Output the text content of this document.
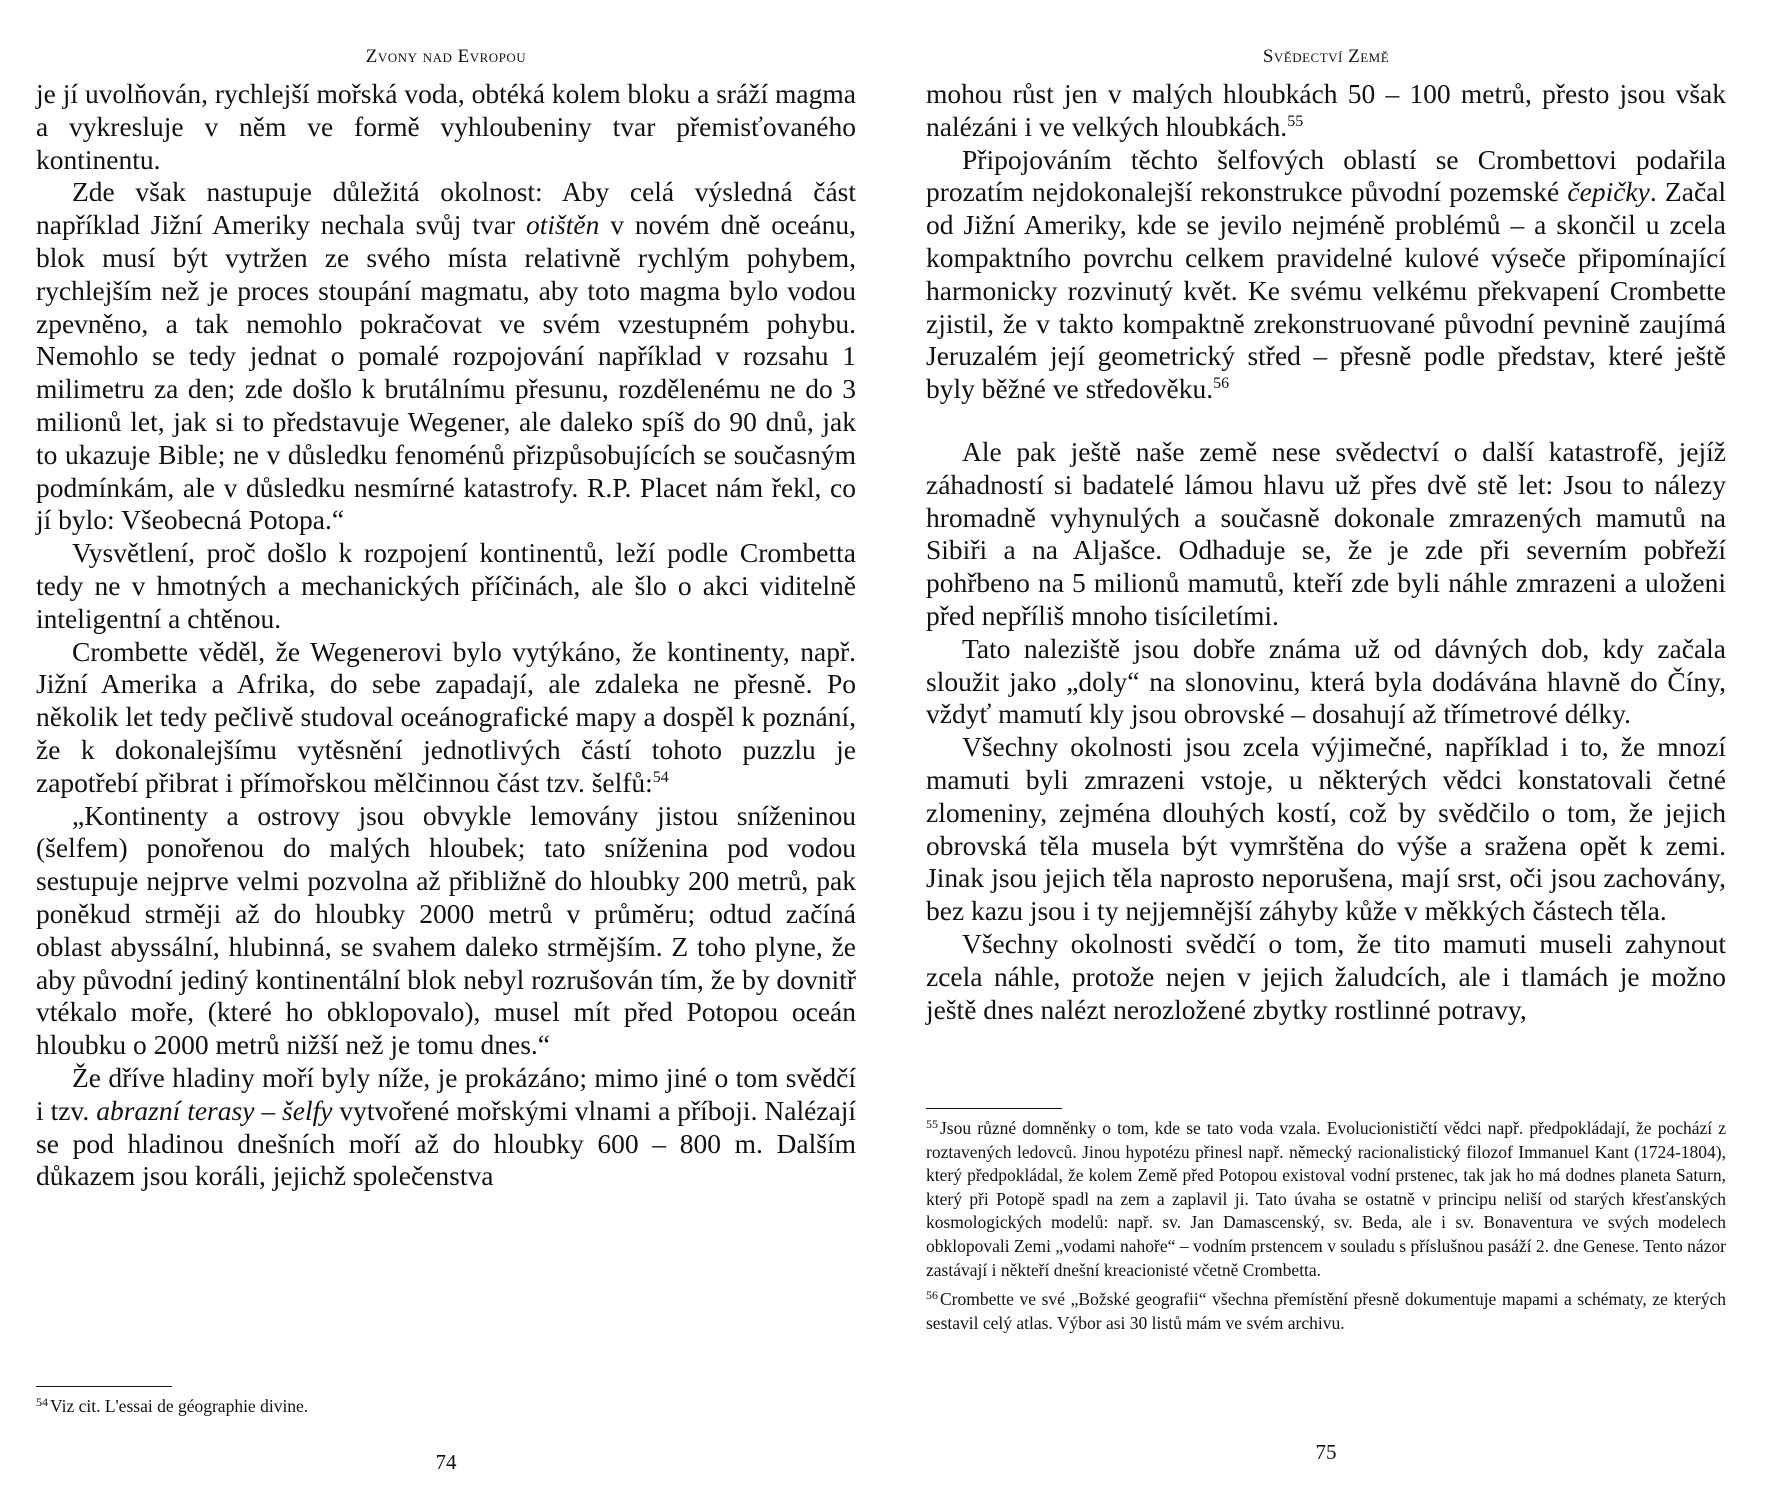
Zvony nad Evropou

je jí uvolňován, rychlejší mořská voda, obtéká kolem bloku a sráží magma a vykresluje v něm ve formě vyhloubeniny tvar přemisťovaného kontinentu.

Zde však nastupuje důležitá okolnost: Aby celá výsledná část například Jižní Ameriky nechala svůj tvar otištěn v novém dně oceánu, blok musí být vytržen ze svého místa relativně rychlým pohybem, rychlejším než je proces stoupání magmatu, aby toto magma bylo vodou zpevněno, a tak nemohlo pokračovat ve svém vzestupném pohybu. Nemohlo se tedy jednat o pomalé rozpojování například v rozsahu 1 milimetru za den; zde došlo k brutálnímu přesunu, rozdělenému ne do 3 milionů let, jak si to představuje Wegener, ale daleko spíš do 90 dnů, jak to ukazuje Bible; ne v důsledku fenoménů přizpůsobujících se současným podmínkám, ale v důsledku nesmírné katastrofy. R.P. Placet nám řekl, co jí bylo: Všeobecná Potopa.“

Vysvětlení, proč došlo k rozpojení kontinentů, leží podle Crombetta tedy ne v hmotných a mechanických příčinách, ale šlo o akci viditelně inteligentní a chtěnou.

Crombette věděl, že Wegenerovi bylo vytýkáno, že kontinenty, např. Jižní Amerika a Afrika, do sebe zapadají, ale zdaleka ne přesně. Po několik let tedy pečlivě studoval oceánografické mapy a dospěl k poznání, že k dokonalejšímu vytěsnění jednotlivých částí tohoto puzzlu je zapotřebí přibrat i přímořskou mělčinnou část tzv. šelfů:$^{54}$

„Kontinenty a ostrovy jsou obvykle lemovány jistou sníženinou (šelfem) ponořenou do malých hloubek; tato sníženina pod vodou sestupuje nejprve velmi pozvolna až přibližně do hloubky 200 metrů, pak poněkud strměji až do hloubky 2000 metrů v průměru; odtud začíná oblast abyssální, hlubinná, se svahem daleko strmějším. Z toho plyne, že aby původní jediný kontinentální blok nebyl rozrušován tím, že by dovnitř vtékalo moře, (které ho obklopovalo), musel mít před Potopou oceán hloubku o 2000 metrů nižší než je tomu dnes.“

Že dříve hladiny moří byly níže, je prokázáno; mimo jiné o tom svědčí i tzv. abrazní terasy – šelfy vytvořené mořskými vlnami a příboji. Nalézají se pod hladinou dnešních moří až do hloubky 600 – 800 m. Dalším důkazem jsou koráli, jejichž společenstva

$^{54}$ Viz cit. L'essai de géographie divine.

74
Svědectví Země

mohou růst jen v malých hloubkách 50 – 100 metrů, přesto jsou však nalézáni i ve velkých hloubkách.$^{55}$

Připojováním těchto šelfových oblastí se Crombettovi podařila prozatím nejdokonalejší rekonstrukce původní pozemské čepičky. Začal od Jižní Ameriky, kde se jevilo nejméně problémů – a skončil u zcela kompaktního povrchu celkem pravidelné kulové výseče připomínající harmonicky rozvinutý květ. Ke svému velkému překvapení Crombette zjistil, že v takto kompaktně zrekonstruované původní pevnině zaujímá Jeruzalém její geometrický střed – přesně podle představ, které ještě byly běžné ve středověku.$^{56}$

Ale pak ještě naše země nese svědectví o další katastrofě, jejíž záhadností si badatelé lámou hlavu už přes dvě stě let: Jsou to nálezy hromadně vyhynulých a současně dokonale zmrazených mamutů na Sibiři a na Aljašce. Odhaduje se, že je zde při severním pobřeží pohřbeno na 5 milionů mamutů, kteří zde byli náhle zmrazeni a uloženi před nepříliš mnoho tisíciletími.

Tato naleziště jsou dobře známa už od dávných dob, kdy začala sloužit jako „doly“ na slonovinu, která byla dodávána hlavně do Číny, vždyť mamutí kly jsou obrovské – dosahují až třímetrové délky.

Všechny okolnosti jsou zcela výjimečné, například i to, že mnozí mamuti byli zmrazeni vstoje, u některých vědci konstatovali četné zlomeniny, zejména dlouhých kostí, což by svědčilo o tom, že jejich obrovská těla musela být vymrštěna do výše a sražena opět k zemi. Jinak jsou jejich těla naprosto neporušena, mají srst, oči jsou zachovány, bez kazu jsou i ty nejjemnější záhyby kůže v měkkých částech těla.

Všechny okolnosti svědčí o tom, že tito mamuti museli zahynout zcela náhle, protože nejen v jejich žaludcích, ale i tlamách je možno ještě dnes nalézt nerozložené zbytky rostlinné potravy,

$^{55}$ Jsou různé domněnky o tom, kde se tato voda vzala. Evolucionističtí vědci např. předpokládají, že pochází z roztavených ledovců. Jinou hypotézu přinesl např. německý racionalistický filozof Immanuel Kant (1724-1804), který předpokládal, že kolem Země před Potopou existoval vodní prstenec, tak jak ho má dodnes planeta Saturn, který při Potopě spadl na zem a zaplavil ji. Tato úvaha se ostatně v principu neliší od starých křesťanských kosmologických modelů: např. sv. Jan Damascenský, sv. Beda, ale i sv. Bonaventura ve svých modelech obklopovali Zemi „vodami nahoře“ – vodním prstencem v souladu s příslušnou pasáží 2. dne Genese. Tento názor zastávají i někteří dnešní kreacionisté včetně Crombetta.

$^{56}$ Crombette ve své „Božské geografii“ všechna přemístění přesně dokumentuje mapami a schématy, ze kterých sestavil celý atlas. Výbor asi 30 listů mám ve svém archivu.

75
